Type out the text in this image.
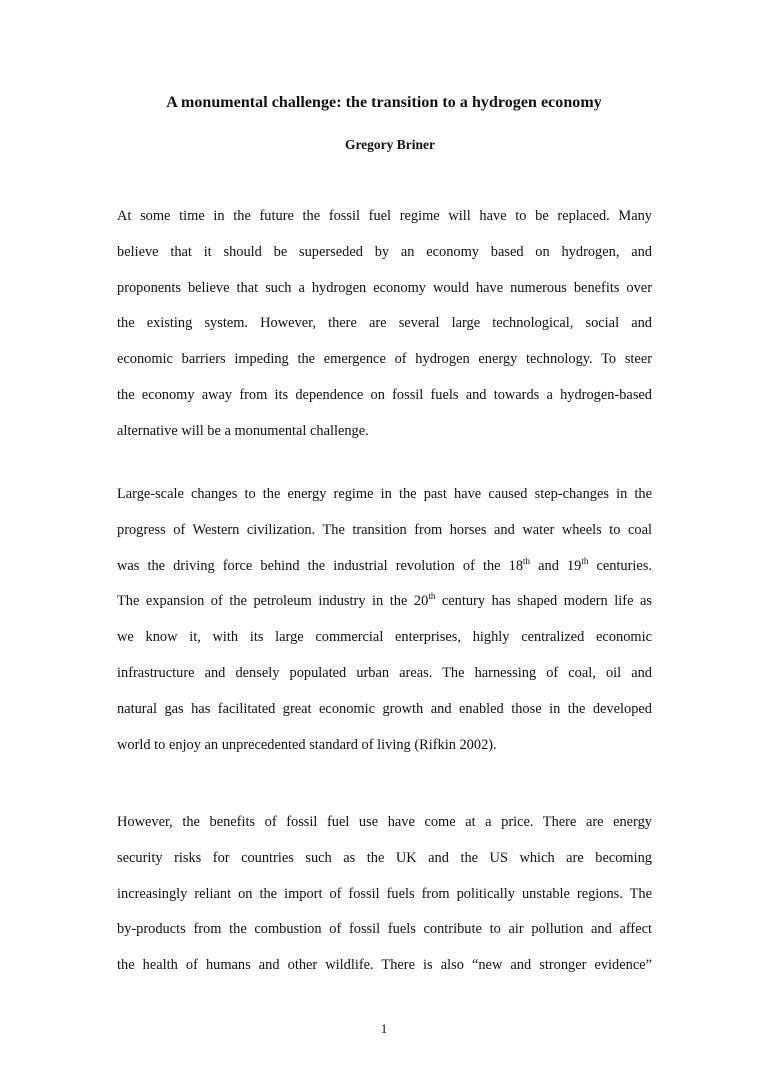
A monumental challenge: the transition to a hydrogen economy
Gregory Briner
At some time in the future the fossil fuel regime will have to be replaced. Many
believe that it should be superseded by an economy based on hydrogen, and
proponents believe that such a hydrogen economy would have numerous benefits over
the existing system. However, there are several large technological, social and
economic barriers impeding the emergence of hydrogen energy technology. To steer
the economy away from its dependence on fossil fuels and towards a hydrogen-based
alternative will be a monumental challenge.
Large-scale changes to the energy regime in the past have caused step-changes in the
progress of Western civilization. The transition from horses and water wheels to coal
was the driving force behind the industrial revolution of the 18th and 19th centuries.
The expansion of the petroleum industry in the 20th century has shaped modern life as
we know it, with its large commercial enterprises, highly centralized economic
infrastructure and densely populated urban areas. The harnessing of coal, oil and
natural gas has facilitated great economic growth and enabled those in the developed
world to enjoy an unprecedented standard of living (Rifkin 2002).
However, the benefits of fossil fuel use have come at a price. There are energy
security risks for countries such as the UK and the US which are becoming
increasingly reliant on the import of fossil fuels from politically unstable regions. The
by-products from the combustion of fossil fuels contribute to air pollution and affect
the health of humans and other wildlife. There is also “new and stronger evidence”
1
